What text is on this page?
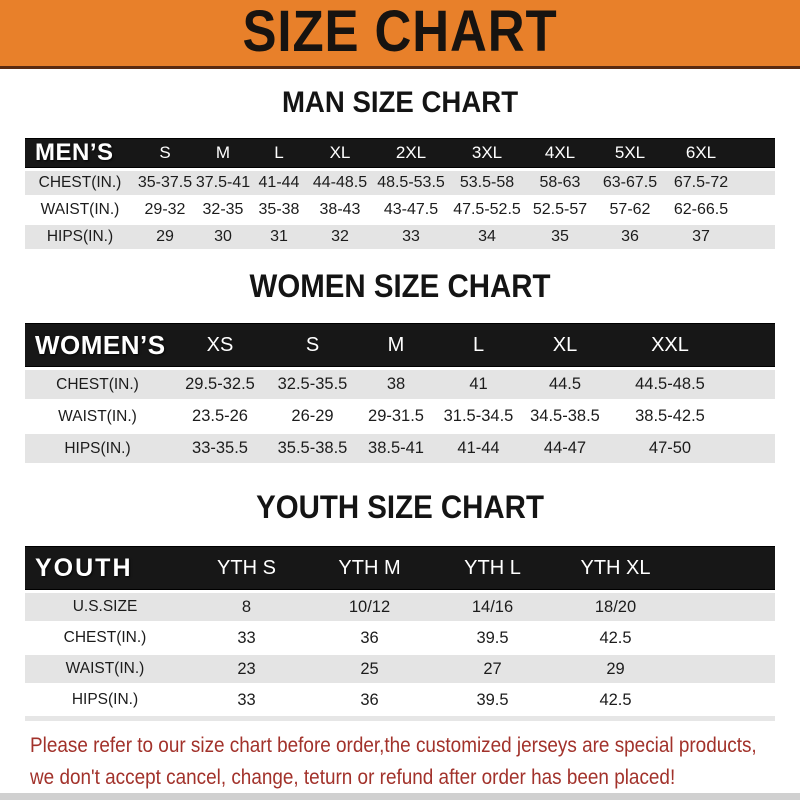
SIZE CHART
MAN SIZE CHART
MEN’S	S	M	L	XL	2XL	3XL	4XL	5XL	6XL
CHEST(IN.)	35-37.5 37.5-41 41-44 44-48.5 48.5-53.5 53.5-58	58-63	63-67.5	67.5-72
WAIST(IN.)	29-32	32-35 35-38	38-43	43-47.5 47.5-52.5 52.5-57	57-62	62-66.5
HIPS(IN.)	29	30	31	32	33	34	35	36	37
WOMEN SIZE CHART
WOMEN’S	XS	S	M	L	XL	XXL
CHEST(IN.)	29.5-32.5	32.5-35.5	38	41	44.5	44.5-48.5
WAIST(IN.)	23.5-26	26-29	29-31.5	31.5-34.5	34.5-38.5	38.5-42.5
HIPS(IN.)	33-35.5	35.5-38.5	38.5-41	41-44	44-47	47-50
YOUTH SIZE CHART
YOUTH	YTH S	YTH M	YTH L	YTH XL
U.S.SIZE	8	10/12	14/16	18/20
CHEST(IN.)	33	36	39.5	42.5
WAIST(IN.)	23	25	27	29
HIPS(IN.)	33	36	39.5	42.5

Please refer to our size chart before order,the customized jerseys are special products,

we don't accept cancel, change, teturn or refund after order has been placed!
